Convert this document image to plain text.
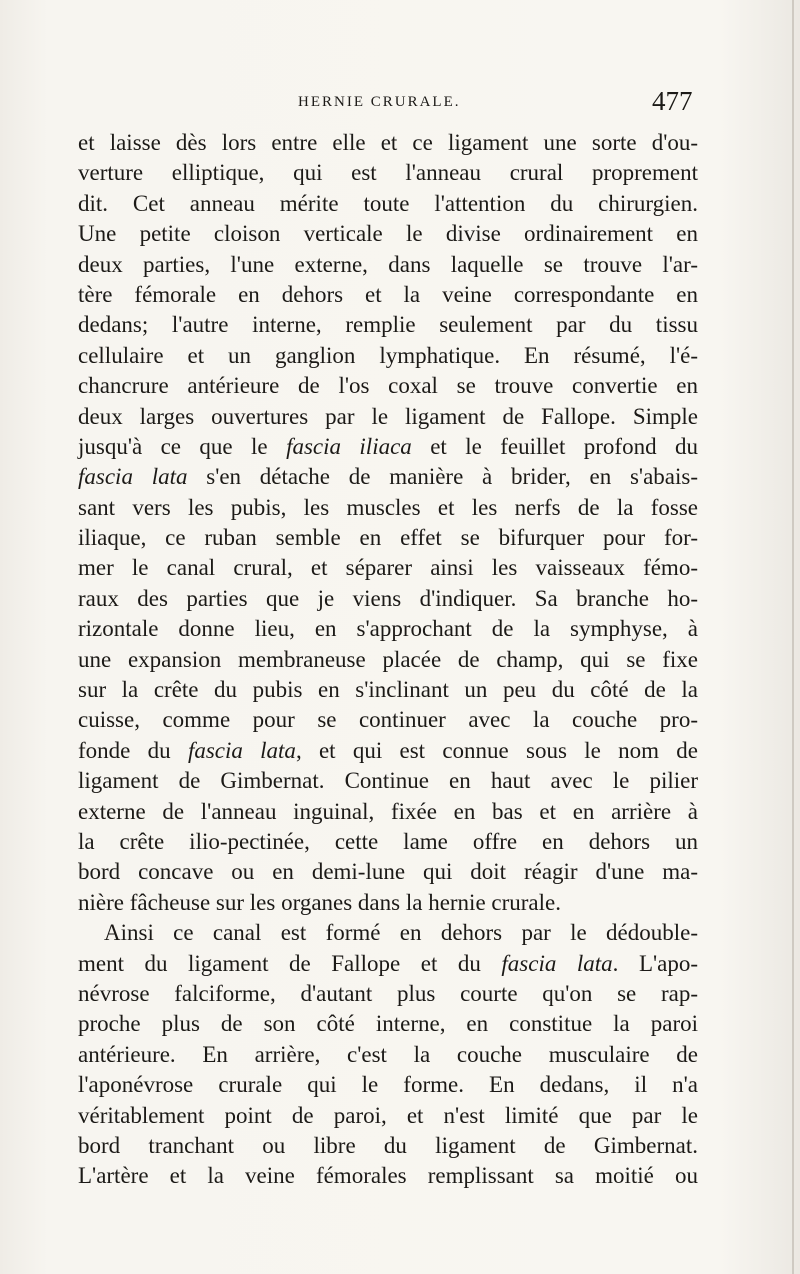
HERNIE CRURALE.	477
et laisse dès lors entre elle et ce ligament une sorte d'ou-
verture elliptique, qui est l'anneau crural proprement
dit. Cet anneau mérite toute l'attention du chirurgien.
Une petite cloison verticale le divise ordinairement en
deux parties, l'une externe, dans laquelle se trouve l'ar-
tère fémorale en dehors et la veine correspondante en
dedans; l'autre interne, remplie seulement par du tissu
cellulaire et un ganglion lymphatique. En résumé, l'é-
chancrure antérieure de l'os coxal se trouve convertie en
deux larges ouvertures par le ligament de Fallope. Simple
jusqu'à ce que le fascia iliaca et le feuillet profond du
fascia lata s'en détache de manière à brider, en s'abais-
sant vers les pubis, les muscles et les nerfs de la fosse
iliaque, ce ruban semble en effet se bifurquer pour for-
mer le canal crural, et séparer ainsi les vaisseaux fémo-
raux des parties que je viens d'indiquer. Sa branche ho-
rizontale donne lieu, en s'approchant de la symphyse, à
une expansion membraneuse placée de champ, qui se fixe
sur la crête du pubis en s'inclinant un peu du côté de la
cuisse, comme pour se continuer avec la couche pro-
fonde du fascia lata, et qui est connue sous le nom de
ligament de Gimbernat. Continue en haut avec le pilier
externe de l'anneau inguinal, fixée en bas et en arrière à
la crête ilio-pectinée, cette lame offre en dehors un
bord concave ou en demi-lune qui doit réagir d'une ma-
nière fâcheuse sur les organes dans la hernie crurale.
Ainsi ce canal est formé en dehors par le dédouble-
ment du ligament de Fallope et du fascia lata. L'apo-
névrose falciforme, d'autant plus courte qu'on se rap-
proche plus de son côté interne, en constitue la paroi
antérieure. En arrière, c'est la couche musculaire de
l'aponévrose crurale qui le forme. En dedans, il n'a
véritablement point de paroi, et n'est limité que par le
bord tranchant ou libre du ligament de Gimbernat.
L'artère et la veine fémorales remplissant sa moitié ou
